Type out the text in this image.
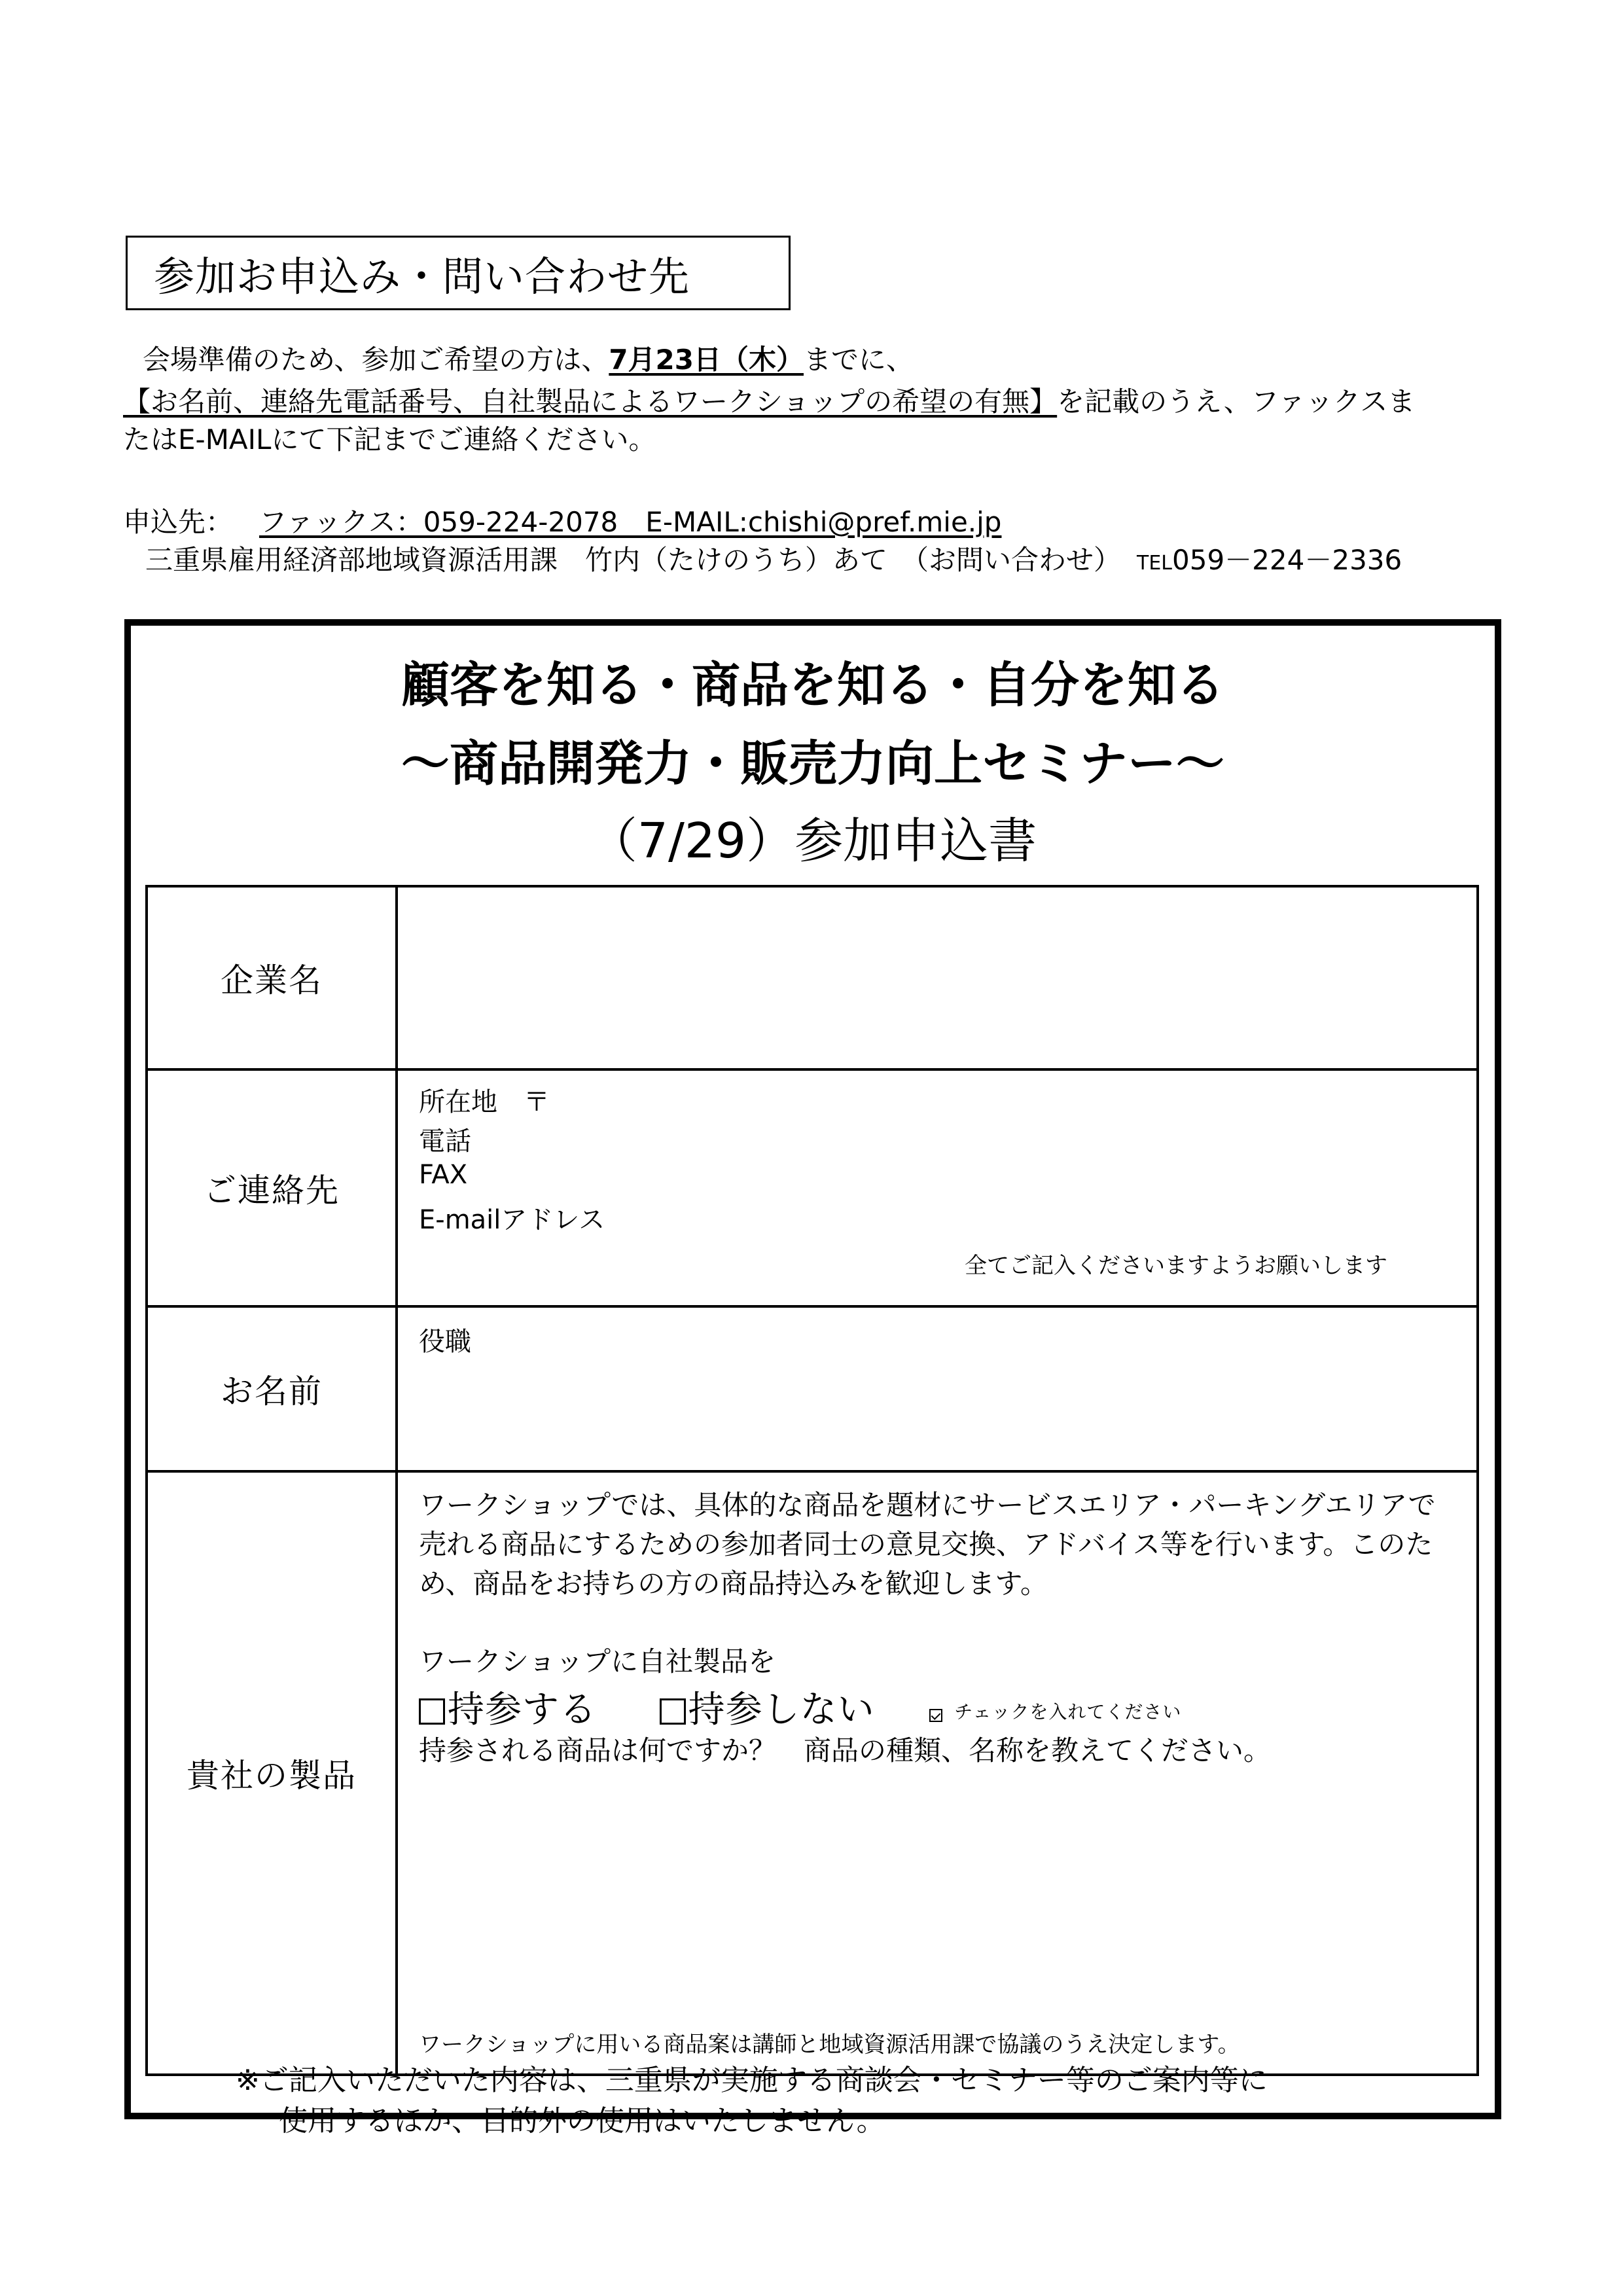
参加お申込み・問い合わせ先
会場準備のため、参加ご希望の方は、7月23日（木）までに、
【お名前、連絡先電話番号、自社製品によるワークショップの希望の有無】を記載のうえ、ファックスま
たはE-MAILにて下記までご連絡ください。
申込先： ファックス：059-224-2078　E-MAIL:chishi@pref.mie.jp
三重県雇用経済部地域資源活用課　竹内（たけのうち）あて　（お問い合わせ） TEL059－224－2336
顧客を知る・商品を知る・自分を知る
～商品開発力・販売力向上セミナー～
（7/29）参加申込書
企業名	
ご連絡先	所在地　〒
電話
FAX
E-mailアドレス
全てご記入くださいますようお願いします

お名前	役職

貴社の製品	ワークショップでは、具体的な商品を題材にサービスエリア・パーキングエリアで売れる商品にするための参加者同士の意見交換、アドバイス等を行います。このため、商品をお持ちの方の商品持込みを歓迎します。
ワークショップに自社製品を
持参する 持参しない チェックを入れてください
持参される商品は何ですか？　商品の種類、名称を教えてください。
ワークショップに用いる商品案は講師と地域資源活用課で協議のうえ決定します。
※ご記入いただいた内容は、三重県が実施する商談会・セミナー等のご案内等に
使用するほか、目的外の使用はいたしません。
